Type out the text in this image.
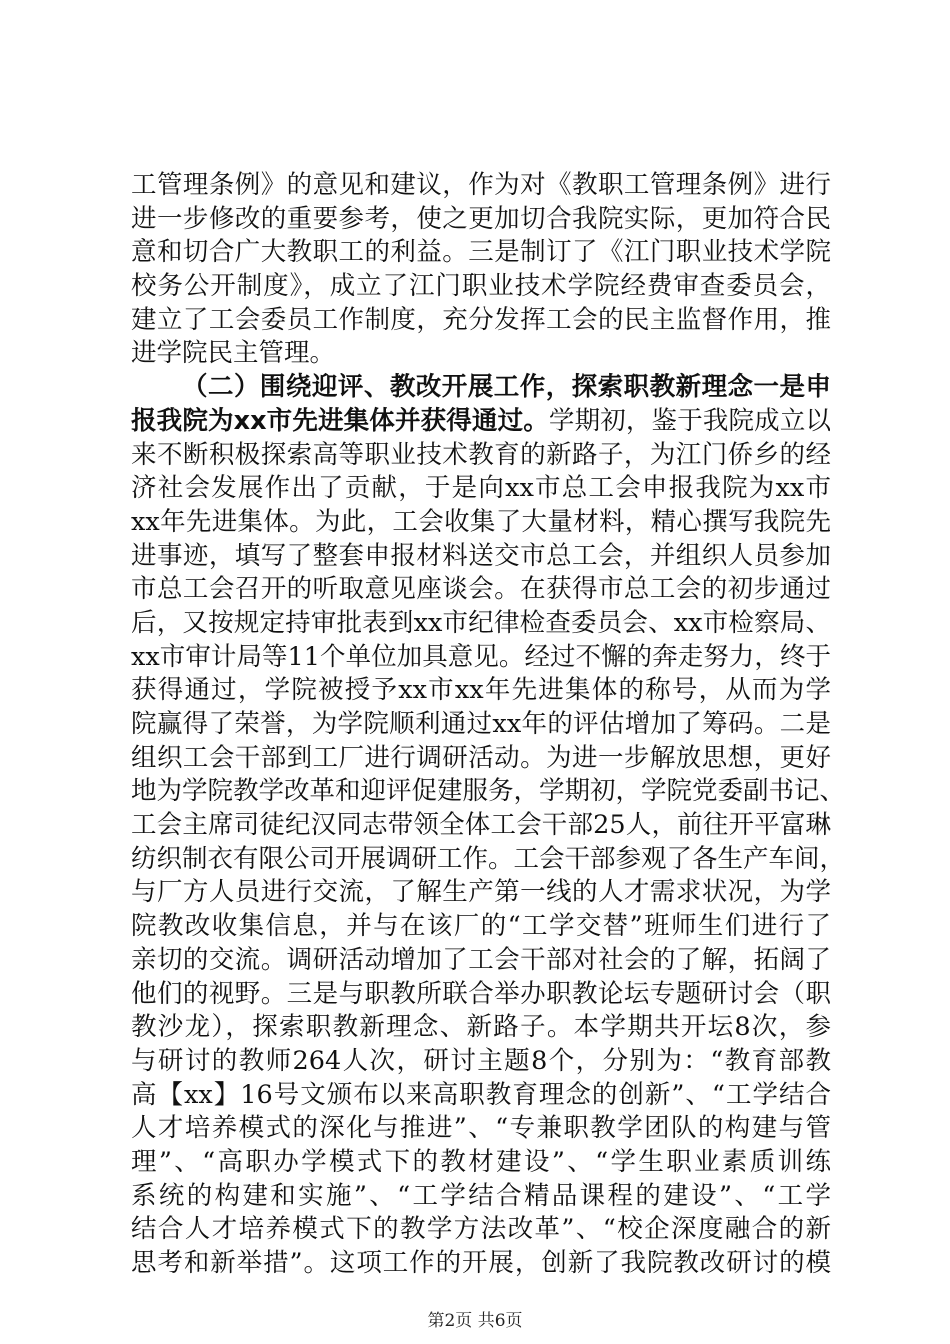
工管理条例》的意见和建议，作为对《教职工管理条例》进行
进一步修改的重要参考，使之更加切合我院实际，更加符合民
意和切合广大教职工的利益。三是制订了《江门职业技术学院
校务公开制度》，成立了江门职业技术学院经费审查委员会，
建立了工会委员工作制度，充分发挥工会的民主监督作用，推
进学院民主管理。
（二）围绕迎评、教改开展工作，探索职教新理念一是申
报我院为xx市先进集体并获得通过。学期初，鉴于我院成立以
来不断积极探索高等职业技术教育的新路子，为江门侨乡的经
济社会发展作出了贡献，于是向xx市总工会申报我院为xx市
xx年先进集体。为此，工会收集了大量材料，精心撰写我院先
进事迹，填写了整套申报材料送交市总工会，并组织人员参加
市总工会召开的听取意见座谈会。在获得市总工会的初步通过
后，又按规定持审批表到xx市纪律检查委员会、xx市检察局、
xx市审计局等11个单位加具意见。经过不懈的奔走努力，终于
获得通过，学院被授予xx市xx年先进集体的称号，从而为学
院赢得了荣誉，为学院顺利通过xx年的评估增加了筹码。二是
组织工会干部到工厂进行调研活动。为进一步解放思想，更好
地为学院教学改革和迎评促建服务，学期初，学院党委副书记、
工会主席司徒纪汉同志带领全体工会干部25人，前往开平富琳
纺织制衣有限公司开展调研工作。工会干部参观了各生产车间，
与厂方人员进行交流，了解生产第一线的人才需求状况，为学
院教改收集信息，并与在该厂的“工学交替”班师生们进行了
亲切的交流。调研活动增加了工会干部对社会的了解，拓阔了
他们的视野。三是与职教所联合举办职教论坛专题研讨会（职
教沙龙），探索职教新理念、新路子。本学期共开坛8次，参
与研讨的教师264人次，研讨主题8个，分别为：“教育部教
高【xx】16号文颁布以来高职教育理念的创新”、“工学结合
人才培养模式的深化与推进”、“专兼职教学团队的构建与管
理”、“高职办学模式下的教材建设”、“学生职业素质训练
系统的构建和实施”、“工学结合精品课程的建设”、“工学
结合人才培养模式下的教学方法改革”、“校企深度融合的新
思考和新举措”。这项工作的开展，创新了我院教改研讨的模
第2页 共6页
